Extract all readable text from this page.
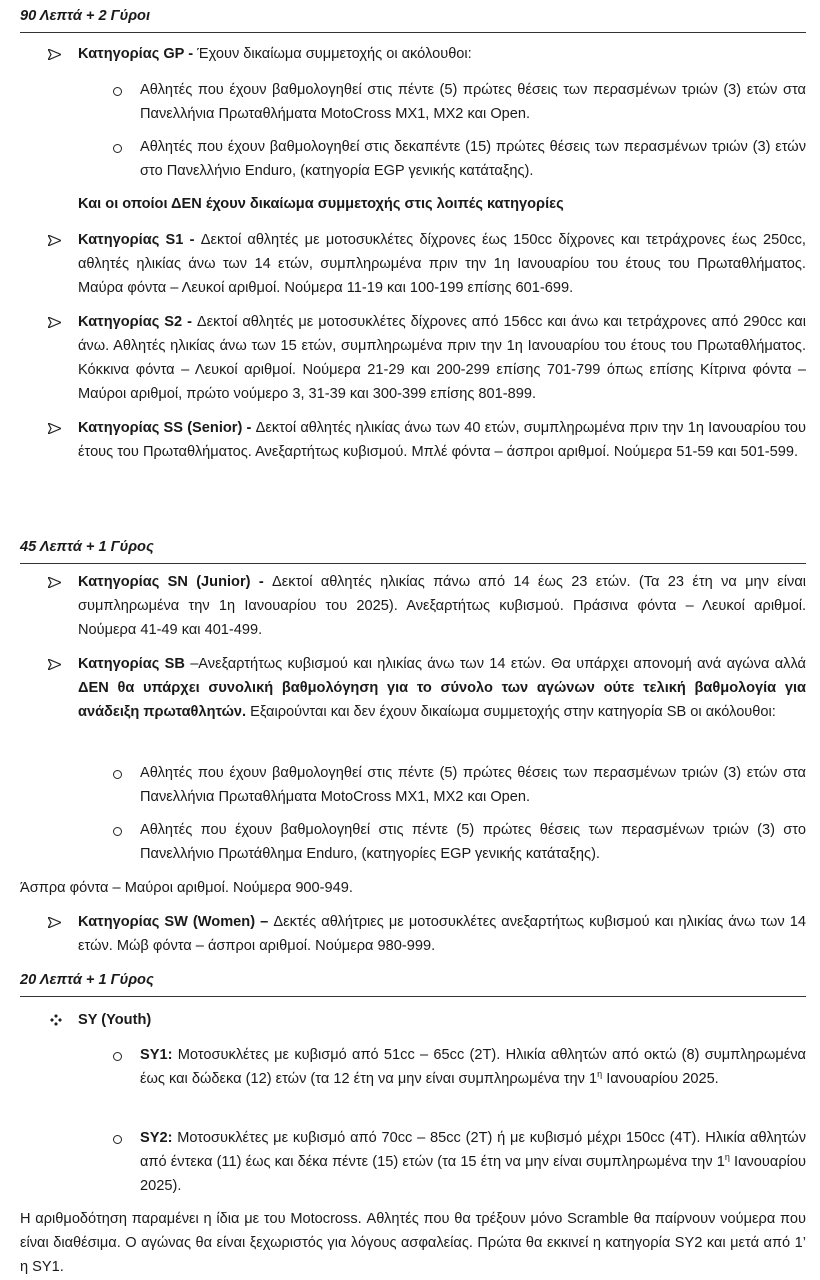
90 Λεπτά + 2 Γύροι
Κατηγορίας GP - Έχουν δικαίωμα συμμετοχής οι ακόλουθοι:
Αθλητές που έχουν βαθμολογηθεί στις πέντε (5) πρώτες θέσεις των περασμένων τριών (3) ετών στα Πανελλήνια Πρωταθλήματα MotoCross MX1, MX2 και Open.
Αθλητές που έχουν βαθμολογηθεί στις δεκαπέντε (15) πρώτες θέσεις των περασμένων τριών (3) ετών στο Πανελλήνιο Enduro, (κατηγορία EGP γενικής κατάταξης).
Και οι οποίοι ΔΕΝ έχουν δικαίωμα συμμετοχής στις λοιπές κατηγορίες
Κατηγορίας S1 - Δεκτοί αθλητές με μοτοσυκλέτες δίχρονες έως 150cc δίχρονες και τετράχρονες έως 250cc, αθλητές ηλικίας άνω των 14 ετών, συμπληρωμένα πριν την 1η Ιανουαρίου του έτους του Πρωταθλήματος. Μαύρα φόντα – Λευκοί αριθμοί. Νούμερα 11-19 και 100-199 επίσης 601-699.
Κατηγορίας S2 - Δεκτοί αθλητές με μοτοσυκλέτες δίχρονες από 156cc και άνω και τετράχρονες από 290cc και άνω. Αθλητές ηλικίας άνω των 15 ετών, συμπληρωμένα πριν την 1η Ιανουαρίου του έτους του Πρωταθλήματος. Κόκκινα φόντα – Λευκοί αριθμοί. Νούμερα 21-29 και 200-299 επίσης 701-799 όπως επίσης Κίτρινα φόντα – Μαύροι αριθμοί, πρώτο νούμερο 3, 31-39 και 300-399 επίσης 801-899.
Κατηγορίας SS (Senior) - Δεκτοί αθλητές ηλικίας άνω των 40 ετών, συμπληρωμένα πριν την 1η Ιανουαρίου του έτους του Πρωταθλήματος. Ανεξαρτήτως κυβισμού. Μπλέ φόντα – άσπροι αριθμοί. Νούμερα 51-59 και 501-599.
45 Λεπτά + 1 Γύρος
Κατηγορίας SN (Junior) - Δεκτοί αθλητές ηλικίας πάνω από 14 έως 23 ετών. (Τα 23 έτη να μην είναι συμπληρωμένα την 1η Ιανουαρίου του 2025). Ανεξαρτήτως κυβισμού. Πράσινα φόντα – Λευκοί αριθμοί. Νούμερα 41-49 και 401-499.
Κατηγορίας SB –Ανεξαρτήτως κυβισμού και ηλικίας άνω των 14 ετών. Θα υπάρχει απονομή ανά αγώνα αλλά ΔΕΝ θα υπάρχει συνολική βαθμολόγηση για το σύνολο των αγώνων ούτε τελική βαθμολογία για ανάδειξη πρωταθλητών. Εξαιρούνται και δεν έχουν δικαίωμα συμμετοχής στην κατηγορία SB οι ακόλουθοι:
Αθλητές που έχουν βαθμολογηθεί στις πέντε (5) πρώτες θέσεις των περασμένων τριών (3) ετών στα Πανελλήνια Πρωταθλήματα MotoCross MX1, MX2 και Open.
Αθλητές που έχουν βαθμολογηθεί στις πέντε (5) πρώτες θέσεις των περασμένων τριών (3) στο Πανελλήνιο Πρωτάθλημα Enduro, (κατηγορίες EGP γενικής κατάταξης).
Άσπρα φόντα – Μαύροι αριθμοί. Νούμερα 900-949.
Κατηγορίας SW (Women) – Δεκτές αθλήτριες με μοτοσυκλέτες ανεξαρτήτως κυβισμού και ηλικίας άνω των 14 ετών. Μώβ φόντα – άσπροι αριθμοί. Νούμερα 980-999.
20 Λεπτά + 1 Γύρος
SY (Youth)
SY1: Μοτοσυκλέτες με κυβισμό από 51cc – 65cc (2T). Ηλικία αθλητών από οκτώ (8) συμπληρωμένα έως και δώδεκα (12) ετών (τα 12 έτη να μην είναι συμπληρωμένα την $1^\eta$ Ιανουαρίου 2025.
SY2: Μοτοσυκλέτες με κυβισμό από 70cc – 85cc (2T) ή με κυβισμό μέχρι 150cc (4T). Ηλικία αθλητών από έντεκα (11) έως και δέκα πέντε (15) ετών (τα 15 έτη να μην είναι συμπληρωμένα την $1^\eta$ Ιανουαρίου 2025).
Η αριθμοδότηση παραμένει η ίδια με του Motocross. Αθλητές που θα τρέξουν μόνο Scramble θα παίρνουν νούμερα που είναι διαθέσιμα. Ο αγώνας θα είναι ξεχωριστός για λόγους ασφαλείας. Πρώτα θα εκκινεί η κατηγορία SY2 και μετά από 1’ η SY1.
